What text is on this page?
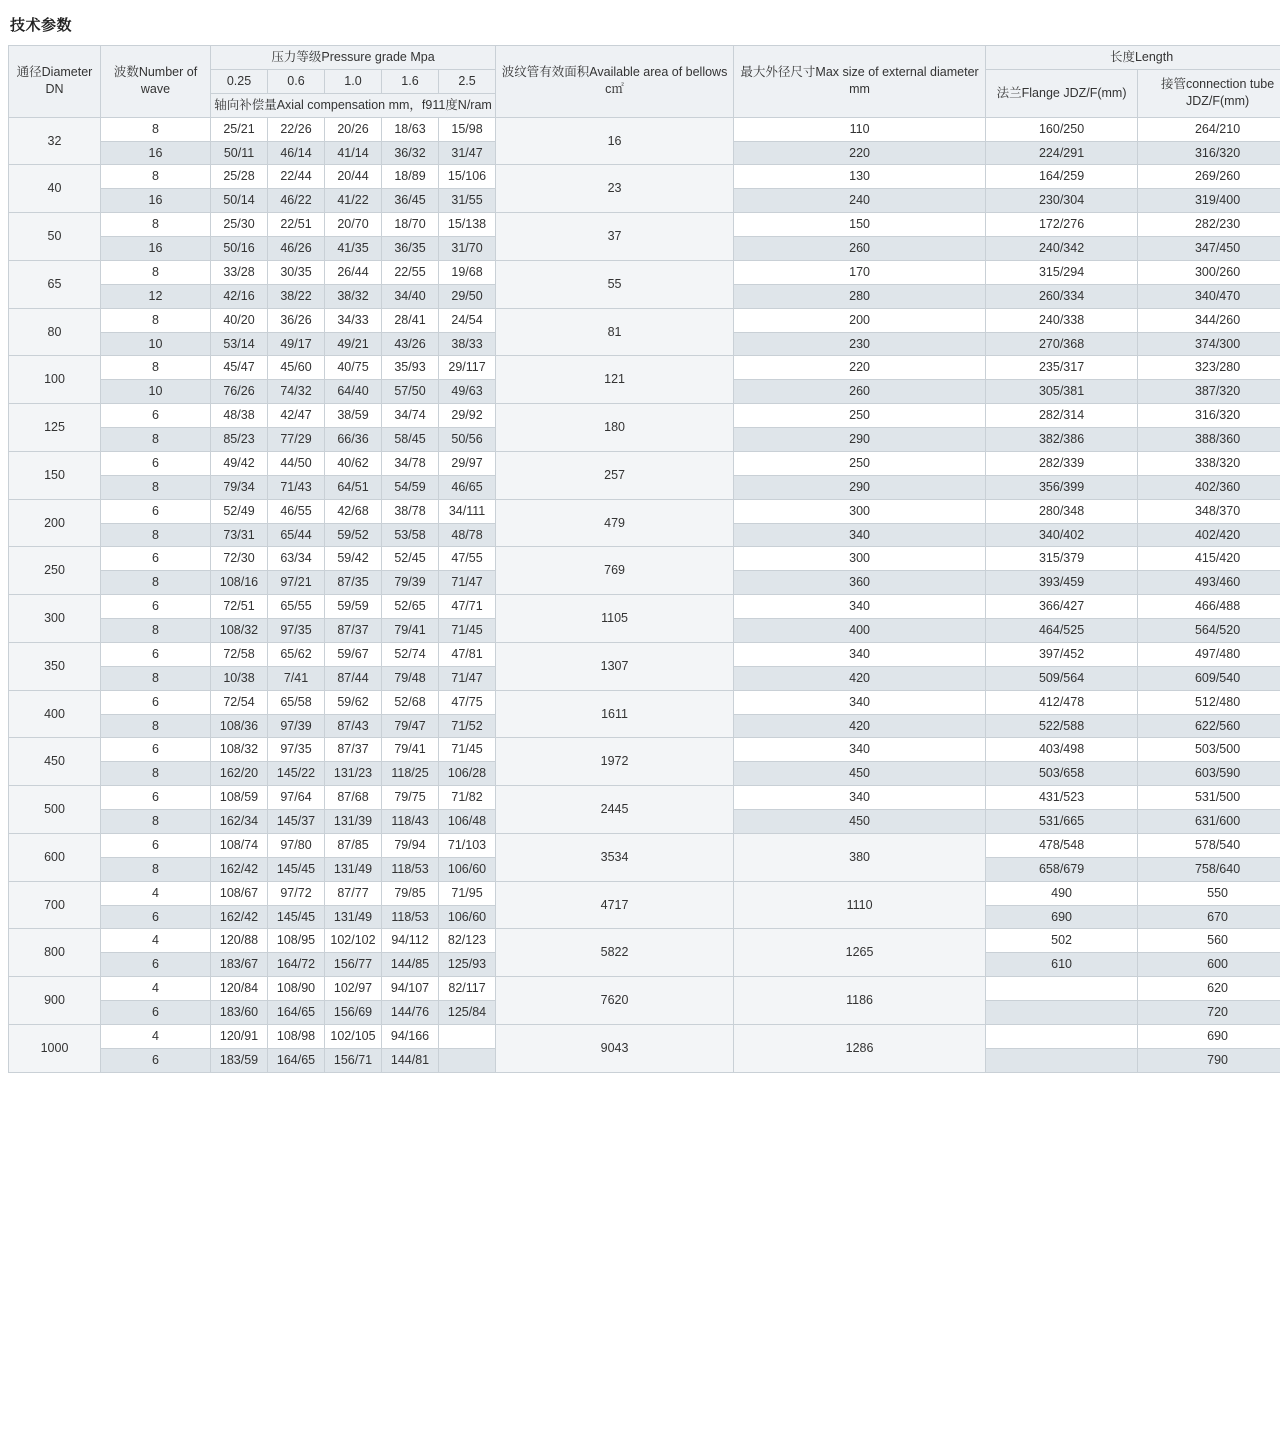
技术参数
通径Diameter DN	波数Number of wave	压力等级Pressure grade Mpa					波纹管有效面积Available area of bellows c㎡	最大外径尺寸Max size of external diameter mm	长度Length	
		0.25	0.6	1.0	1.6	2.5			法兰Flange JDZ/F(mm)	接管connection tube JDZ/F(mm)
		轴向补偿量Axial compensation mm，f911度N/ram								
32	8	25/21	22/26	20/26	18/63	15/98	16	110	160/250	264/210
	16	50/11	46/14	41/14	36/32	31/47		220	224/291	316/320
40	8	25/28	22/44	20/44	18/89	15/106	23	130	164/259	269/260
	16	50/14	46/22	41/22	36/45	31/55		240	230/304	319/400
50	8	25/30	22/51	20/70	18/70	15/138	37	150	172/276	282/230
	16	50/16	46/26	41/35	36/35	31/70		260	240/342	347/450
65	8	33/28	30/35	26/44	22/55	19/68	55	170	315/294	300/260
	12	42/16	38/22	38/32	34/40	29/50		280	260/334	340/470
80	8	40/20	36/26	34/33	28/41	24/54	81	200	240/338	344/260
	10	53/14	49/17	49/21	43/26	38/33		230	270/368	374/300
100	8	45/47	45/60	40/75	35/93	29/117	121	220	235/317	323/280
	10	76/26	74/32	64/40	57/50	49/63		260	305/381	387/320
125	6	48/38	42/47	38/59	34/74	29/92	180	250	282/314	316/320
	8	85/23	77/29	66/36	58/45	50/56		290	382/386	388/360
150	6	49/42	44/50	40/62	34/78	29/97	257	250	282/339	338/320
	8	79/34	71/43	64/51	54/59	46/65		290	356/399	402/360
200	6	52/49	46/55	42/68	38/78	34/111	479	300	280/348	348/370
	8	73/31	65/44	59/52	53/58	48/78		340	340/402	402/420
250	6	72/30	63/34	59/42	52/45	47/55	769	300	315/379	415/420
	8	108/16	97/21	87/35	79/39	71/47		360	393/459	493/460
300	6	72/51	65/55	59/59	52/65	47/71	1105	340	366/427	466/488
	8	108/32	97/35	87/37	79/41	71/45		400	464/525	564/520
350	6	72/58	65/62	59/67	52/74	47/81	1307	340	397/452	497/480
	8	10/38	7/41	87/44	79/48	71/47		420	509/564	609/540
400	6	72/54	65/58	59/62	52/68	47/75	1611	340	412/478	512/480
	8	108/36	97/39	87/43	79/47	71/52		420	522/588	622/560
450	6	108/32	97/35	87/37	79/41	71/45	1972	340	403/498	503/500
	8	162/20	145/22	131/23	118/25	106/28		450	503/658	603/590
500	6	108/59	97/64	87/68	79/75	71/82	2445	340	431/523	531/500
	8	162/34	145/37	131/39	118/43	106/48		450	531/665	631/600
600	6	108/74	97/80	87/85	79/94	71/103	3534	380	478/548	578/540
	8	162/42	145/45	131/49	118/53	106/60			658/679	758/640
700	4	108/67	97/72	87/77	79/85	71/95	4717	1110	490	550
	6	162/42	145/45	131/49	118/53	106/60			690	670
800	4	120/88	108/95	102/102	94/112	82/123	5822	1265	502	560
	6	183/67	164/72	156/77	144/85	125/93			610	600
900	4	120/84	108/90	102/97	94/107	82/117	7620	1186		620
	6	183/60	164/65	156/69	144/76	125/84				720
1000	4	120/91	108/98	102/105	94/166		9043	1286		690
	6	183/59	164/65	156/71	144/81					790
